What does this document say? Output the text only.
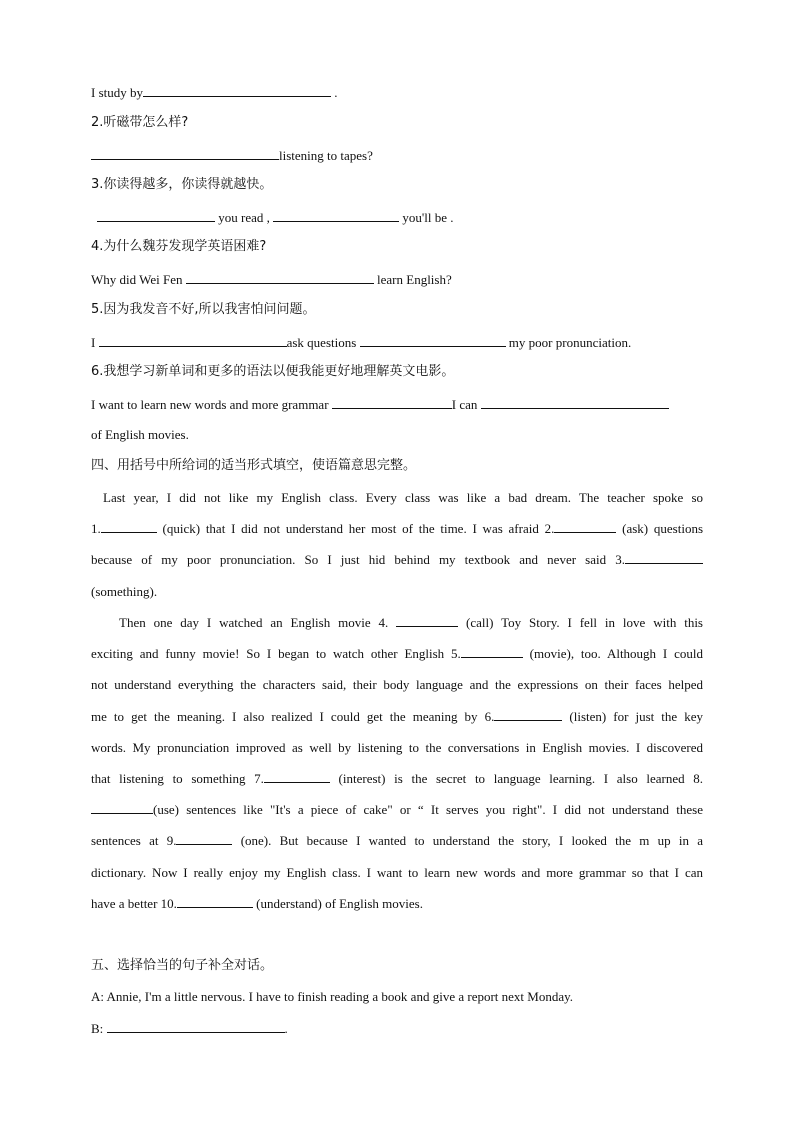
I study by	.
2.听磁带怎么样?
listening to tapes?
3.你读得越多，你读得就越快。
you read ,	you'll be .
4.为什么魏芬发现学英语困难?
Why did Wei Fen	learn English?
5.因为我发音不好,所以我害怕问问题。
I	ask questions	my poor pronunciation.
6.我想学习新单词和更多的语法以便我能更好地理解英文电影。
I want to learn new words and more grammar	I can
of English movies.
四、用括号中所给词的适当形式填空，使语篇意思完整。
Last year, I did not like my English class. Every class was like a bad dream. The teacher spoke so
1.	(quick) that I did not understand her most of the time. I was afraid 2.	(ask) questions
because of my poor pronunciation. So I just hid behind my textbook and never said 3.
(something).
Then one day I watched an English movie 4.	(call) Toy Story. I fell in love with this
exciting and funny movie! So I began to watch other English 5.	(movie), too. Although I could
not understand everything the characters said, their body language and the expressions on their faces helped
me to get the meaning. I also realized I could get the meaning by 6.	(listen) for just the key
words. My pronunciation improved as well by listening to the conversations in English movies. I discovered
that listening to something 7.	(interest) is the secret to language learning. I also learned 8.
(use) sentences like "It's a piece of cake" or “ It serves you right". I did not understand these
sentences at 9.	(one). But because I wanted to understand the story, I looked the m up in a
dictionary. Now I really enjoy my English class. I want to learn new words and more grammar so that I can
have a better 10.	(understand) of English movies.
五、选择恰当的句子补全对话。
A: Annie, I'm a little nervous. I have to finish reading a book and give a report next Monday.
B:	.
